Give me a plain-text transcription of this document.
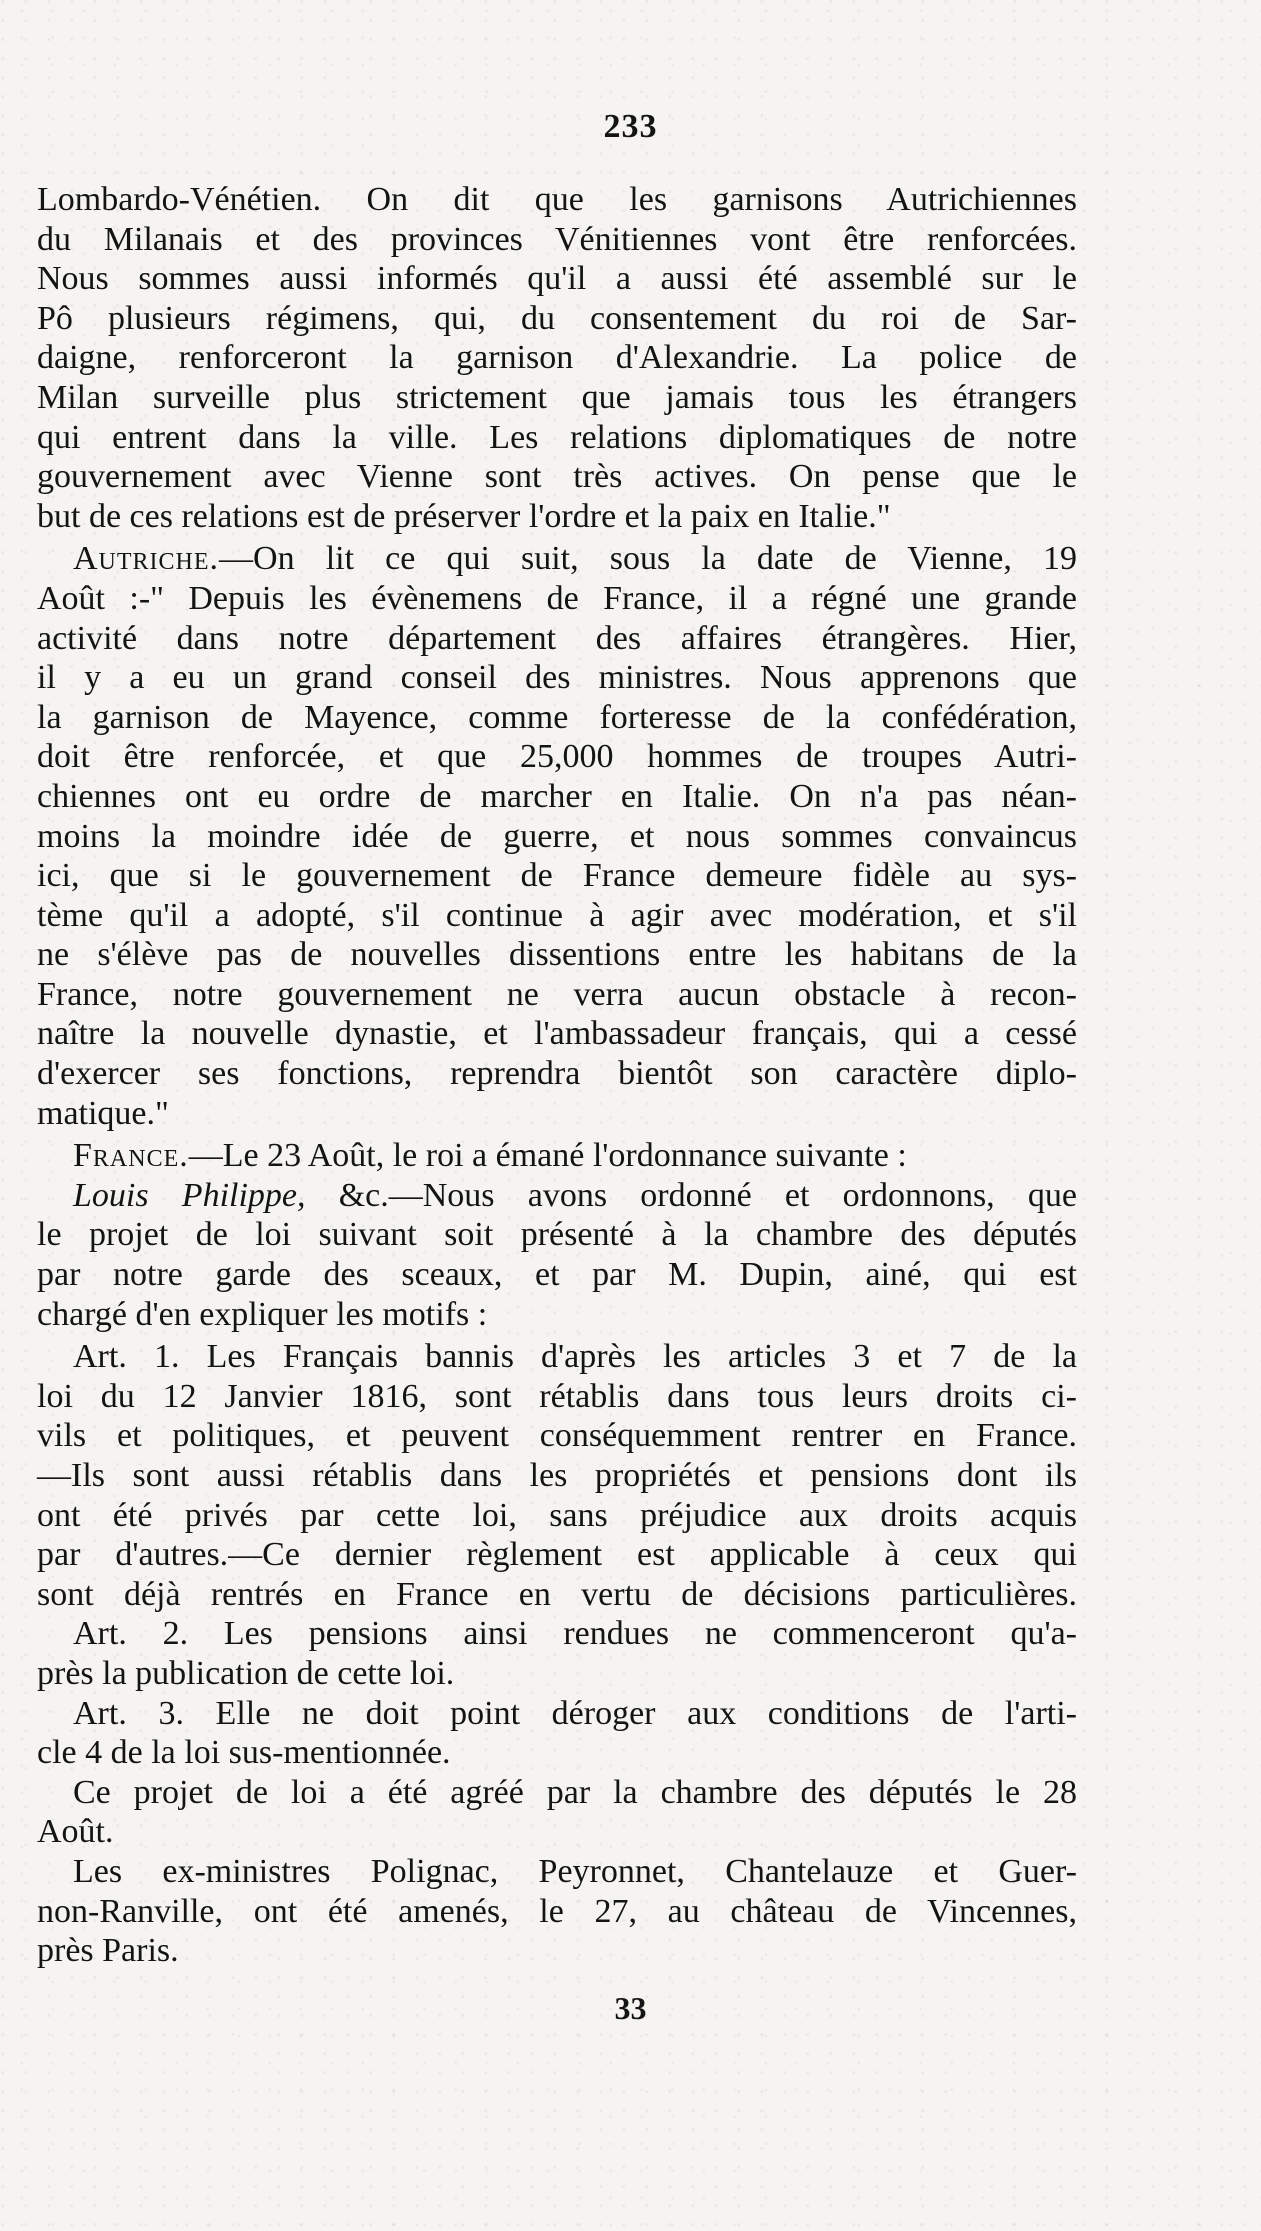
233
Lombardo-Vénétien. On dit que les garnisons Autrichiennes
du Milanais et des provinces Vénitiennes vont être renforcées.
Nous sommes aussi informés qu'il a aussi été assemblé sur le
Pô plusieurs régimens, qui, du consentement du roi de Sar-
daigne, renforceront la garnison d'Alexandrie. La police de
Milan surveille plus strictement que jamais tous les étrangers
qui entrent dans la ville. Les relations diplomatiques de notre
gouvernement avec Vienne sont très actives. On pense que le
but de ces relations est de préserver l'ordre et la paix en Italie."
Autriche.—On lit ce qui suit, sous la date de Vienne, 19
Août :-" Depuis les évènemens de France, il a régné une grande
activité dans notre département des affaires étrangères. Hier,
il y a eu un grand conseil des ministres. Nous apprenons que
la garnison de Mayence, comme forteresse de la confédération,
doit être renforcée, et que 25,000 hommes de troupes Autri-
chiennes ont eu ordre de marcher en Italie. On n'a pas néan-
moins la moindre idée de guerre, et nous sommes convaincus
ici, que si le gouvernement de France demeure fidèle au sys-
tème qu'il a adopté, s'il continue à agir avec modération, et s'il
ne s'élève pas de nouvelles dissentions entre les habitans de la
France, notre gouvernement ne verra aucun obstacle à recon-
naître la nouvelle dynastie, et l'ambassadeur français, qui a cessé
d'exercer ses fonctions, reprendra bientôt son caractère diplo-
matique."
France.—Le 23 Août, le roi a émané l'ordonnance suivante :
Louis Philippe, &c.—Nous avons ordonné et ordonnons, que
le projet de loi suivant soit présenté à la chambre des députés
par notre garde des sceaux, et par M. Dupin, ainé, qui est
chargé d'en expliquer les motifs :
Art. 1. Les Français bannis d'après les articles 3 et 7 de la
loi du 12 Janvier 1816, sont rétablis dans tous leurs droits ci-
vils et politiques, et peuvent conséquemment rentrer en France.
—Ils sont aussi rétablis dans les propriétés et pensions dont ils
ont été privés par cette loi, sans préjudice aux droits acquis
par d'autres.—Ce dernier règlement est applicable à ceux qui
sont déjà rentrés en France en vertu de décisions particulières.
Art. 2. Les pensions ainsi rendues ne commenceront qu'a-
près la publication de cette loi.
Art. 3. Elle ne doit point déroger aux conditions de l'arti-
cle 4 de la loi sus-mentionnée.
Ce projet de loi a été agréé par la chambre des députés le 28
Août.
Les ex-ministres Polignac, Peyronnet, Chantelauze et Guer-
non-Ranville, ont été amenés, le 27, au château de Vincennes,
près Paris.
33
